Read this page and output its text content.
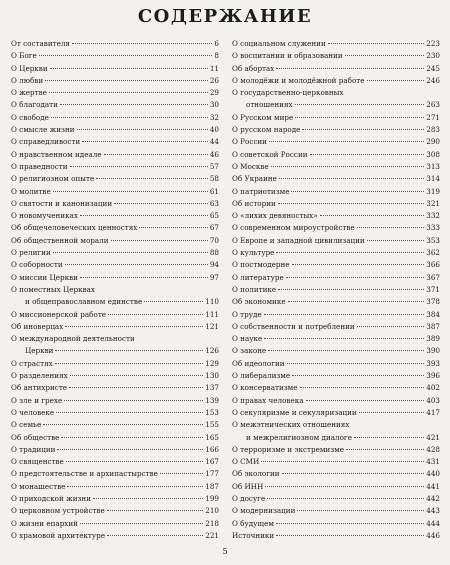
СОДЕРЖАНИЕ
От составителя	6
О Боге	8
О Церкви	11
О любви	26
О жертве	29
О благодати	30
О свободе	32
О смысле жизни	40
О справедливости	44
О нравственном идеале	46
О праведности	57
О религиозном опыте	58
О молитве	61
О святости и канонизации	63
О новомучениках	65
Об общечеловеческих ценностях	67
Об общественной морали	70
О религии	88
О соборности	94
О миссии Церкви	97
О поместных Церквах
и общеправославном единстве	110
О миссионерской работе	111
Об иноверцах	121
О международной деятельности
Церкви	126
О страстях	129
О разделениях	130
Об антихристе	137
О зле и грехе	139
О человеке	153
О семье	155
Об обществе	165
О традиции	166
О священстве	167
О предстоятельстве и архипастырстве	177
О монашестве	187
О приходской жизни	199
О церковном устройстве	210
О жизни епархий	218
О храмовой архитектуре	221
О социальном служении	223
О воспитании и образовании	230
Об абортах	245
О молодёжи и молодёжной работе	246
О государственно-церковных
отношениях	263
О Русском мире	271
О русском народе	283
О России	290
О советской России	308
О Москве	313
Об Украине	314
О патриотизме	319
Об истории	321
О «лихих девяностых»	332
О современном мироустройстве	333
О Европе и западной цивилизации	353
О культуре	362
О постмодерне	366
О литературе	367
О политике	371
Об экономике	378
О труде	384
О собственности и потреблении	387
О науке	389
О законе	390
Об идеологии	393
О либерализме	396
О консерватизме	402
О правах человека	403
О секуляризме и секуляризации	417
О межэтнических отношениях
и межрелигиозном диалоге	421
О терроризме и экстремизме	428
О СМИ	431
Об экологии	440
Об ИНН	441
О досуге	442
О модернизации	443
О будущем	444
Источники	446
5
